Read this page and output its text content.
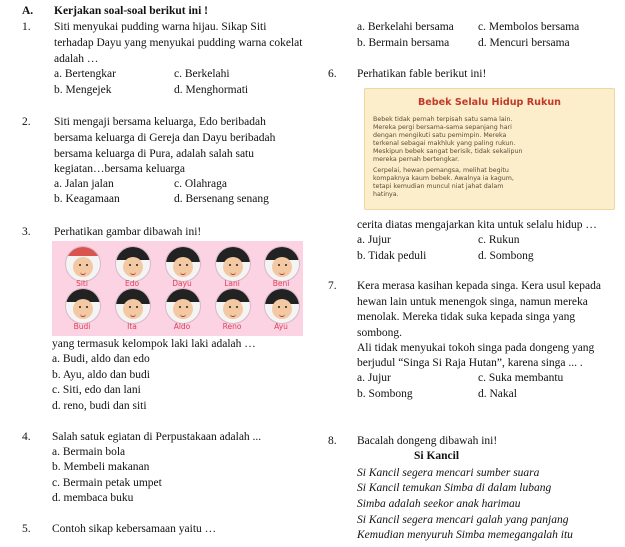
A. Kerjakan soal-soal berikut ini !
1. Siti menyukai pudding warna hijau. Sikap Siti
terhadap Dayu yang menyukai pudding warna cokelat
adalah …
a. Bertengkar	c. Berkelahi
b. Mengejek	d. Menghormati
2. Siti mengaji bersama keluarga, Edo beribadah
bersama keluarga di Gereja dan Dayu beribadah
bersama keluarga di Pura, adalah salah satu
kegiatan…bersama keluarga
a. Jalan jalan	c. Olahraga
b. Keagamaan	d. Bersenang senang
3. Perhatikan gambar dibawah ini!
Siti	Edo	Dayu	Lani	Beni
Budi	Ita	Aldo	Reno	Ayu
yang termasuk kelompok laki laki adalah …
a. Budi, aldo dan edo
b. Ayu, aldo dan budi
c. Siti, edo dan lani
d. reno, budi dan siti
4. Salah satuk egiatan di Perpustakaan adalah ...
a. Bermain bola
b. Membeli makanan
c. Bermain petak umpet
d. membaca buku
5. Contoh sikap kebersamaan yaitu …
a. Berkelahi bersama c. Membolos bersama
b. Bermain bersama d. Mencuri bersama
6. Perhatikan fable berikut ini!
Bebek Selalu Hidup Rukun
Bebek tidak pernah terpisah satu sama lain.
Mereka pergi bersama-sama sepanjang hari
dengan mengikuti satu pemimpin. Mereka
terkenal sebagai makhluk yang paling rukun.
Meskipun bebek sangat berisik, tidak sekalipun
mereka pernah bertengkar.
Cerpelai, hewan pemangsa, melihat begitu
kompaknya kaum bebek. Awalnya ia kagum,
tetapi kemudian muncul niat jahat dalam
hatinya.
cerita diatas mengajarkan kita untuk selalu hidup …
a. Jujur	c. Rukun
b. Tidak peduli	d. Sombong
7. Kera merasa kasihan kepada singa. Kera usul kepada
hewan lain untuk menengok singa, namun mereka
menolak. Mereka tidak suka kepada singa yang
sombong.
Ali tidak menyukai tokoh singa pada dongeng yang
berjudul “Singa Si Raja Hutan”, karena singa ... .
a. Jujur	c. Suka membantu
b. Sombong	d. Nakal
8. Bacalah dongeng dibawah ini!
Si Kancil
Si Kancil segera mencari sumber suara
Si Kancil temukan Simba di dalam lubang
Simba adalah seekor anak harimau
Si Kancil segera mencari galah yang panjang
Kemudian menyuruh Simba memegangalah itu
